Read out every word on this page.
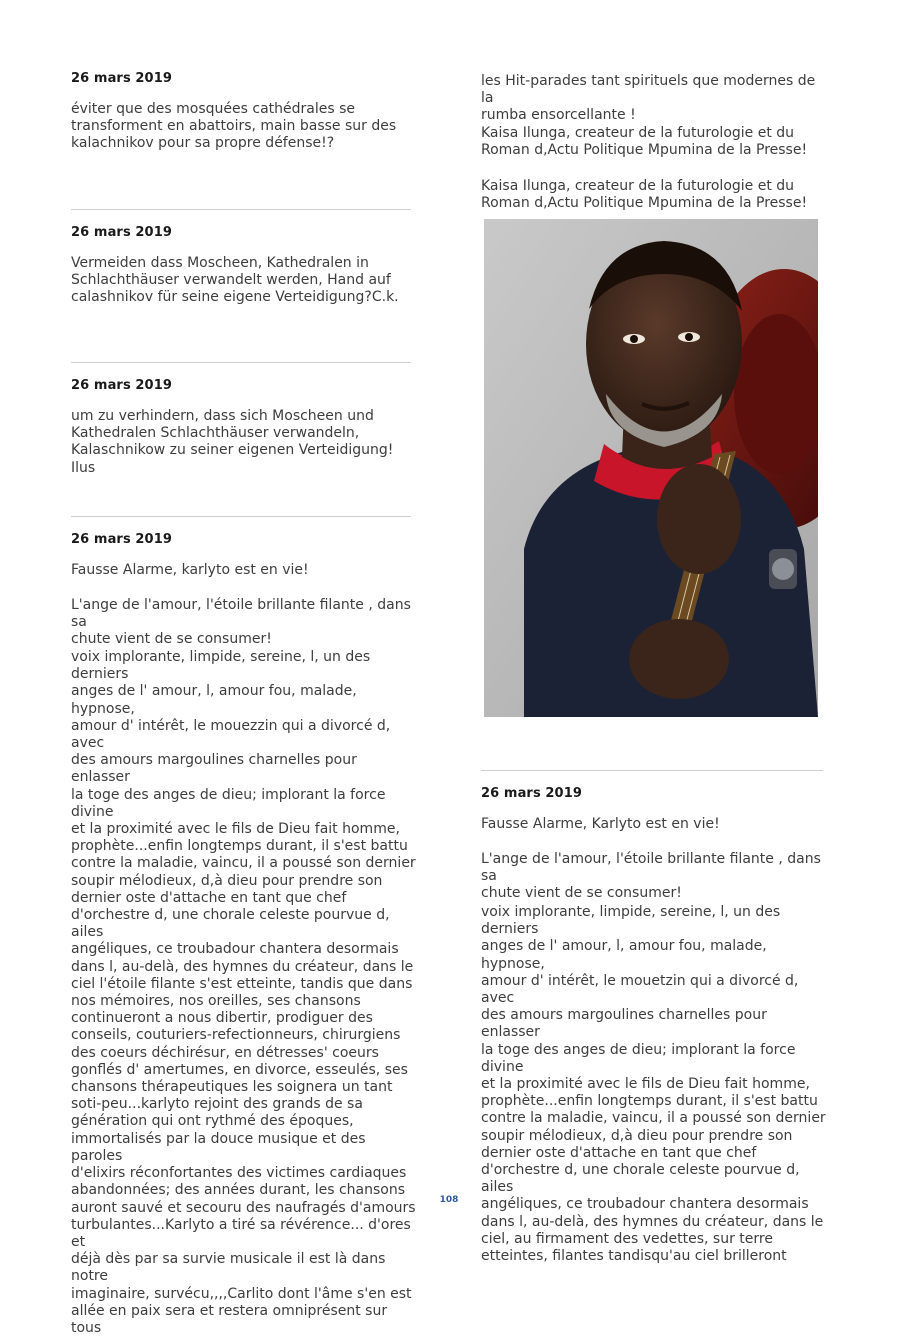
26 mars 2019
éviter que des mosquées cathédrales se
transforment en abattoirs, main basse sur des
kalachnikov pour sa propre défense!?
26 mars 2019
Vermeiden dass Moscheen, Kathedralen in
Schlachthäuser verwandelt werden, Hand auf
calashnikov für seine eigene Verteidigung?C.k.
26 mars 2019
um zu verhindern, dass sich Moscheen und
Kathedralen Schlachthäuser verwandeln,
Kalaschnikow zu seiner eigenen Verteidigung! Ilus
26 mars 2019
Fausse Alarme, karlyto est en vie!
L'ange de l'amour, l'étoile brillante filante , dans sa
chute vient de se consumer!
voix implorante, limpide, sereine, l, un des derniers
anges de l' amour, l, amour fou, malade, hypnose,
amour d' intérêt, le mouezzin qui a divorcé d, avec
des amours margoulines charnelles pour enlasser
la toge des anges de dieu; implorant la force divine
et la proximité avec le fils de Dieu fait homme,
prophète...enfin longtemps durant, il s'est battu
contre la maladie, vaincu, il a poussé son dernier
soupir mélodieux, d,à dieu pour prendre son
dernier oste d'attache en tant que chef
d'orchestre d, une chorale celeste pourvue d, ailes
angéliques, ce troubadour chantera desormais
dans l, au-delà, des hymnes du créateur, dans le
ciel l'étoile filante s'est etteinte, tandis que dans
nos mémoires, nos oreilles, ses chansons
continueront a nous dibertir, prodiguer des
conseils, couturiers-refectionneurs, chirurgiens
des coeurs déchirésur, en détresses' coeurs
gonflés d' amertumes, en divorce, esseulés, ses
chansons thérapeutiques les soignera un tant
soti-peu...karlyto rejoint des grands de sa
génération qui ont rythmé des époques,
immortalisés par la douce musique et des paroles
d'elixirs réconfortantes des victimes cardiaques
abandonnées; des années durant, les chansons
auront sauvé et secouru des naufragés d'amours
turbulantes...Karlyto a tiré sa révérence... d'ores et
déjà dès par sa survie musicale il est là dans notre
imaginaire, survécu,,,,Carlito dont l'âme s'en est
allée en paix sera et restera omniprésent sur tous
les Hit-parades tant spirituels que modernes de la
rumba ensorcellante !
Kaisa Ilunga, createur de la futurologie et du
Roman d,Actu Politique Mpumina de la Presse!
Kaisa Ilunga, createur de la futurologie et du
Roman d,Actu Politique Mpumina de la Presse!
26 mars 2019
Fausse Alarme, Karlyto est en vie!
L'ange de l'amour, l'étoile brillante filante , dans sa
chute vient de se consumer!
voix implorante, limpide, sereine, l, un des derniers
anges de l' amour, l, amour fou, malade, hypnose,
amour d' intérêt, le mouetzin qui a divorcé d, avec
des amours margoulines charnelles pour enlasser
la toge des anges de dieu; implorant la force divine
et la proximité avec le fils de Dieu fait homme,
prophète...enfin longtemps durant, il s'est battu
contre la maladie, vaincu, il a poussé son dernier
soupir mélodieux, d,à dieu pour prendre son
dernier oste d'attache en tant que chef
d'orchestre d, une chorale celeste pourvue d, ailes
angéliques, ce troubadour chantera desormais
dans l, au-delà, des hymnes du créateur, dans le
ciel, au firmament des vedettes, sur terre
etteintes, filantes tandisqu'au ciel brilleront
108
